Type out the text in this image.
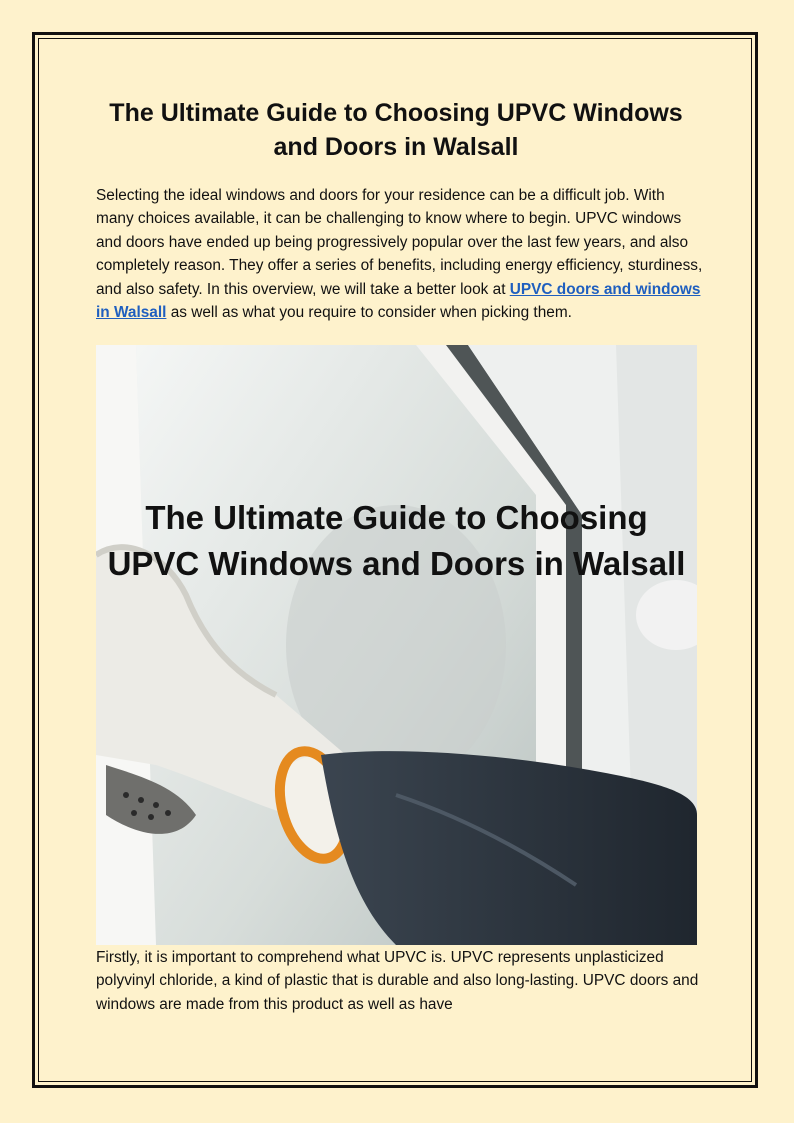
The Ultimate Guide to Choosing UPVC Windows and Doors in Walsall

Selecting the ideal windows and doors for your residence can be a difficult job. With many choices available, it can be challenging to know where to begin. UPVC windows and doors have ended up being progressively popular over the last few years, and also completely reason. They offer a series of benefits, including energy efficiency, sturdiness, and also safety. In this overview, we will take a better look at UPVC doors and windows in Walsall as well as what you require to consider when picking them.

The Ultimate Guide to Choosing UPVC Windows and Doors in Walsall

Firstly, it is important to comprehend what UPVC is. UPVC represents unplasticized polyvinyl chloride, a kind of plastic that is durable and also long-lasting. UPVC doors and windows are made from this product as well as have
